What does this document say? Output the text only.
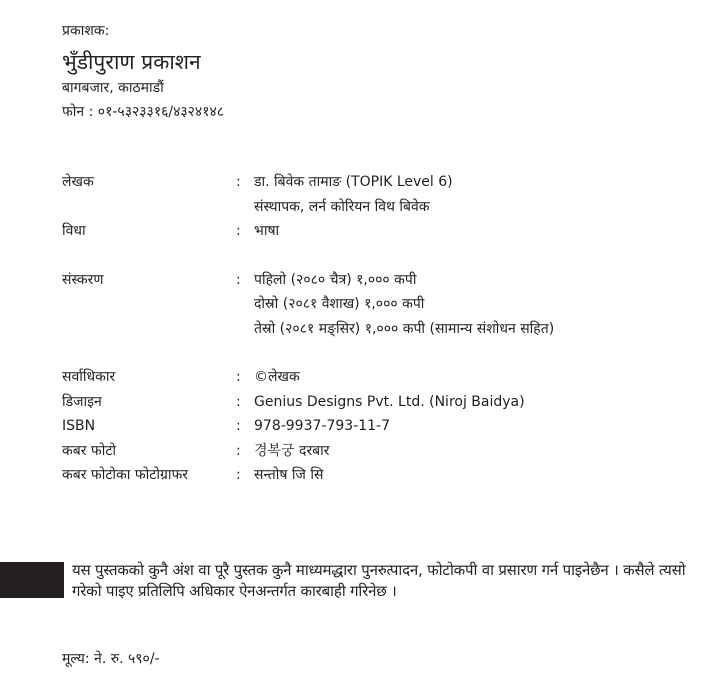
प्रकाशक:
भुँडीपुराण प्रकाशन
बागबजार, काठमाडौं
फोन : ०१-५३२३३१६/४३२४१४८
लेखक	: डा. बिवेक तामाङ (TOPIK Level 6)
संस्थापक, लर्न कोरियन विथ बिवेक
विधा	: भाषा
संस्करण	: पहिलो (२०८० चैत्र) १,००० कपी
दोस्रो (२०८१ वैशाख) १,००० कपी
तेस्रो (२०८१ मङ्सिर) १,००० कपी (सामान्य संशोधन सहित)
सर्वाधिकार	: ©लेखक
डिजाइन	: Genius Designs Pvt. Ltd. (Niroj Baidya)
ISBN	: 978-9937-793-11-7
कबर फोटो	: 경복궁 दरबार
कबर फोटोका फोटोग्राफर	: सन्तोष जि सि
यस पुस्तकको कुनै अंश वा पूरै पुस्तक कुनै माध्यमद्धारा पुनरुत्पादन, फोटोकपी वा प्रसारण गर्न पाइनेछैन । कसैले त्यसो गरेको पाइए प्रतिलिपि अधिकार ऐनअन्तर्गत कारबाही गरिनेछ ।
मूल्य: ने. रु. ५९०/-
